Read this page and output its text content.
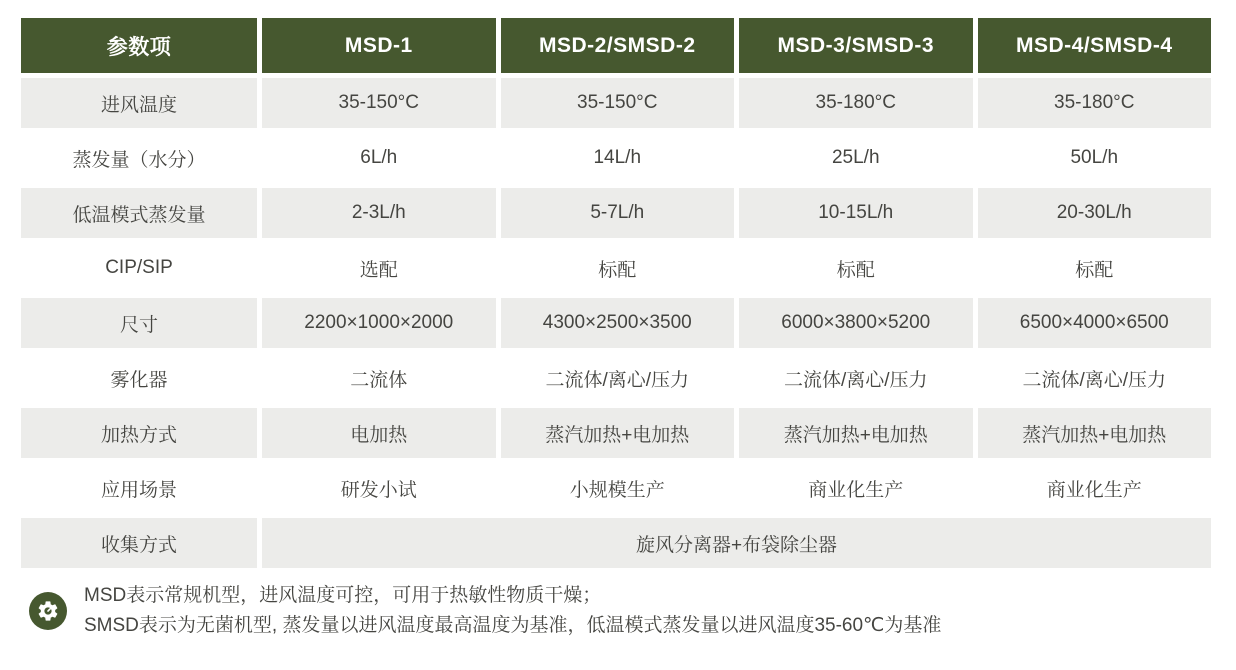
参数项	MSD-1	MSD-2/SMSD-2	MSD-3/SMSD-3	MSD-4/SMSD-4
进风温度	35-150°C	35-150°C	35-180°C	35-180°C
蒸发量（水分）	6L/h	14L/h	25L/h	50L/h
低温模式蒸发量	2-3L/h	5-7L/h	10-15L/h	20-30L/h
CIP/SIP	选配	标配	标配	标配
尺寸	2200×1000×2000	4300×2500×3500	6000×3800×5200	6500×4000×6500
雾化器	二流体	二流体/离心/压力	二流体/离心/压力	二流体/离心/压力
加热方式	电加热	蒸汽加热+电加热	蒸汽加热+电加热	蒸汽加热+电加热
应用场景	研发小试	小规模生产	商业化生产	商业化生产
收集方式	旋风分离器+布袋除尘器
MSD表示常规机型，进风温度可控，可用于热敏性物质干燥；
SMSD表示为无菌机型, 蒸发量以进风温度最高温度为基准，低温模式蒸发量以进风温度35-60℃为基准
